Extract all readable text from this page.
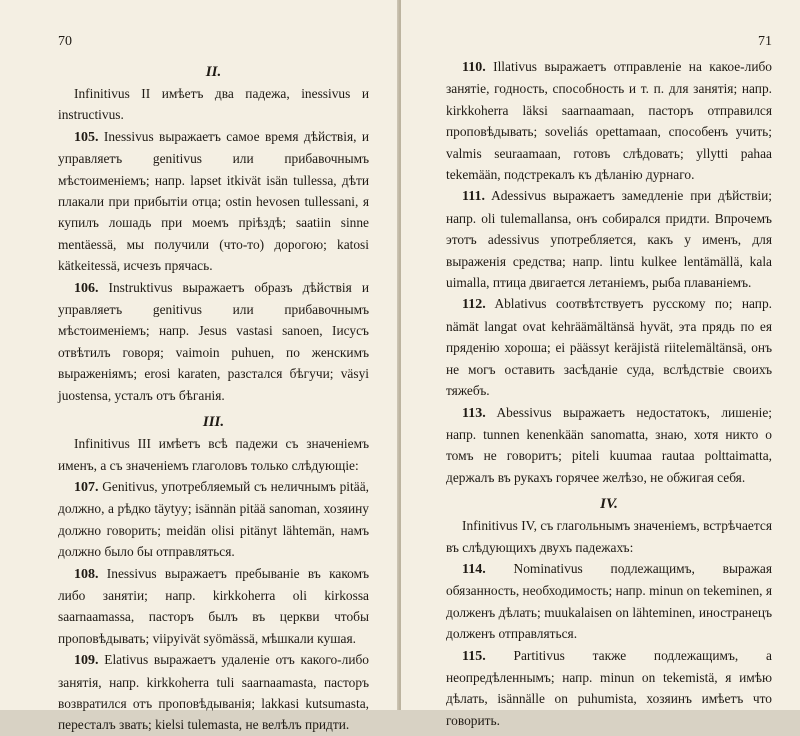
70
II.

Infinitivus II имѣетъ два падежа, inessivus и instructivus.

105. Inessivus выражаетъ самое время дѣйствія, и управляетъ genitivus или прибавочнымъ мѣстоименіемъ; напр. lapset itkivät isän tullessa, дѣти плакали при прибытіи отца; ostin hevosen tullessani, я купилъ лошадь при моемъ пріѣздѣ; saatiin sinne mentäessä, мы получили (что-то) дорогою; katosi kätkeitessä, исчезъ прячась.

106. Instruktivus выражаетъ образъ дѣйствія и управляетъ genitivus или прибавочнымъ мѣстоименіемъ; напр. Jesus vastasi sanoen, Іисусъ отвѣтилъ говоря; vaimoin puhuen, по женскимъ выраженіямъ; erosi karaten, разстался бѣгучи; väsyi juostensa, усталъ отъ бѣганія.

III.

Infinitivus III имѣетъ всѣ падежи съ значеніемъ именъ, а съ значеніемъ глаголовъ только слѣдующіе:

107. Genitivus, употребляемый съ неличнымъ pitää, должно, а рѣдко täytyy; isännän pitää sanoman, хозяину должно говорить; meidän olisi pitänyt lähtemän, намъ должно было бы отправляться.

108. Inessivus выражаетъ пребываніе въ какомъ либо занятіи; напр. kirkkoherra oli kirkossa saarnaamassa, пасторъ былъ въ церкви чтобы проповѣдывать; viipyivät syömässä, мѣшкали кушая.

109. Elativus выражаетъ удаленіе отъ какого-либо занятія, напр. kirkkoherra tuli saarnaamasta, пасторъ возвратился отъ проповѣдыванія; lakkasi kutsumasta, пересталъ звать; kielsi tulemasta, не велѣлъ придти.

71

110. Illativus выражаетъ отправленіе на какое-либо занятіе, годность, способность и т. п. для занятія; напр. kirkkoherra läksi saarnaamaan, пасторъ отправился проповѣдывать; soveliás opettamaan, способенъ учить; valmis seuraamaan, готовъ слѣдовать; yllytti pahaa tekemään, подстрекалъ къ дѣланію дурнаго.

111. Adessivus выражаетъ замедленіе при дѣйствіи; напр. oli tulemallansa, онъ собирался придти. Впрочемъ этотъ adessivus употребляется, какъ у именъ, для выраженія средства; напр. lintu kulkee lentämällä, kala uimalla, птица двигается летаніемъ, рыба плаваніемъ.

112. Ablativus соотвѣтствуетъ русскому по; напр. nämät langat ovat kehräämältänsä hyvät, эта прядь по ея пряденію хороша; ei päässyt keräjistä riitelemältänsä, онъ не могъ оставить засѣданіе суда, вслѣдствіе своихъ тяжебъ.

113. Abessivus выражаетъ недостатокъ, лишеніе; напр. tunnen kenenkään sanomatta, знаю, хотя никто о томъ не говоритъ; piteli kuumaa rautaa polttaimatta, держалъ въ рукахъ горячее желѣзо, не обжигая себя.

IV.

Infinitivus IV, съ глагольнымъ значеніемъ, встрѣчается въ слѣдующихъ двухъ падежахъ:

114. Nominativus подлежащимъ, выражая обязанность, необходимость; напр. minun on tekeminen, я долженъ дѣлать; muukalaisen on lähteminen, иностранецъ долженъ отправляться.

115. Partitivus также подлежащимъ, а неопредѣленнымъ; напр. minun on tekemistä, я имѣю дѣлать, isännälle on puhumista, хозяинъ имѣетъ что говорить.
